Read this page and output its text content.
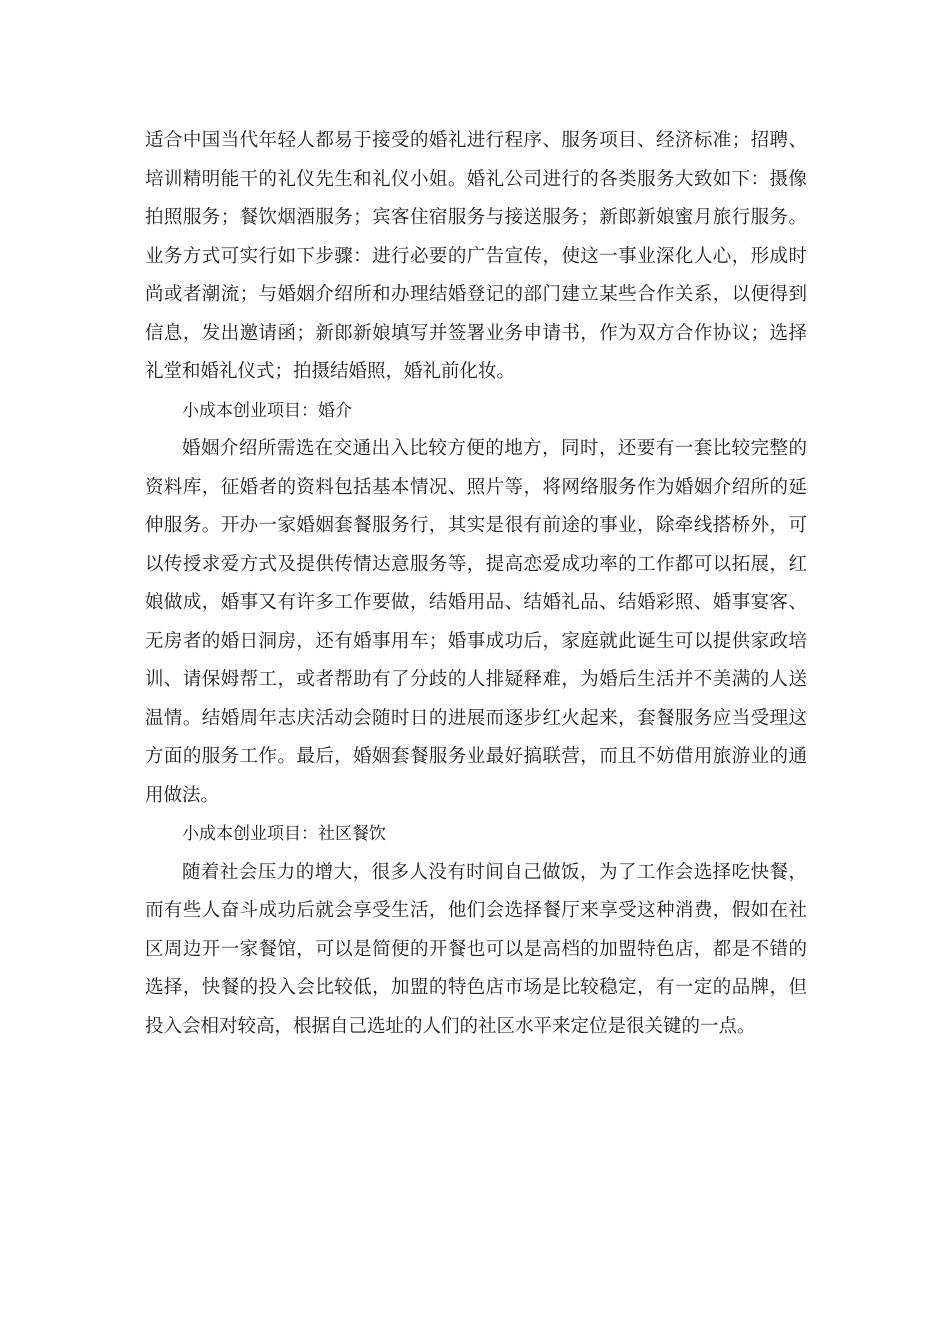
适合中国当代年轻人都易于接受的婚礼进行程序、服务项目、经济标准；招聘、培训精明能干的礼仪先生和礼仪小姐。婚礼公司进行的各类服务大致如下：摄像拍照服务；餐饮烟酒服务；宾客住宿服务与接送服务；新郎新娘蜜月旅行服务。业务方式可实行如下步骤：进行必要的广告宣传，使这一事业深化人心，形成时尚或者潮流；与婚姻介绍所和办理结婚登记的部门建立某些合作关系，以便得到信息，发出邀请函；新郎新娘填写并签署业务申请书，作为双方合作协议；选择礼堂和婚礼仪式；拍摄结婚照，婚礼前化妆。

小成本创业项目：婚介

婚姻介绍所需选在交通出入比较方便的地方，同时，还要有一套比较完整的资料库，征婚者的资料包括基本情况、照片等，将网络服务作为婚姻介绍所的延伸服务。开办一家婚姻套餐服务行，其实是很有前途的事业，除牵线搭桥外，可以传授求爱方式及提供传情达意服务等，提高恋爱成功率的工作都可以拓展，红娘做成，婚事又有许多工作要做，结婚用品、结婚礼品、结婚彩照、婚事宴客、无房者的婚日洞房，还有婚事用车；婚事成功后，家庭就此诞生可以提供家政培训、请保姆帮工，或者帮助有了分歧的人排疑释难，为婚后生活并不美满的人送温情。结婚周年志庆活动会随时日的进展而逐步红火起来，套餐服务应当受理这方面的服务工作。最后，婚姻套餐服务业最好搞联营，而且不妨借用旅游业的通用做法。

小成本创业项目：社区餐饮

随着社会压力的增大，很多人没有时间自己做饭，为了工作会选择吃快餐，而有些人奋斗成功后就会享受生活，他们会选择餐厅来享受这种消费，假如在社区周边开一家餐馆，可以是简便的开餐也可以是高档的加盟特色店，都是不错的选择，快餐的投入会比较低，加盟的特色店市场是比较稳定，有一定的品牌，但投入会相对较高，根据自己选址的人们的社区水平来定位是很关键的一点。
